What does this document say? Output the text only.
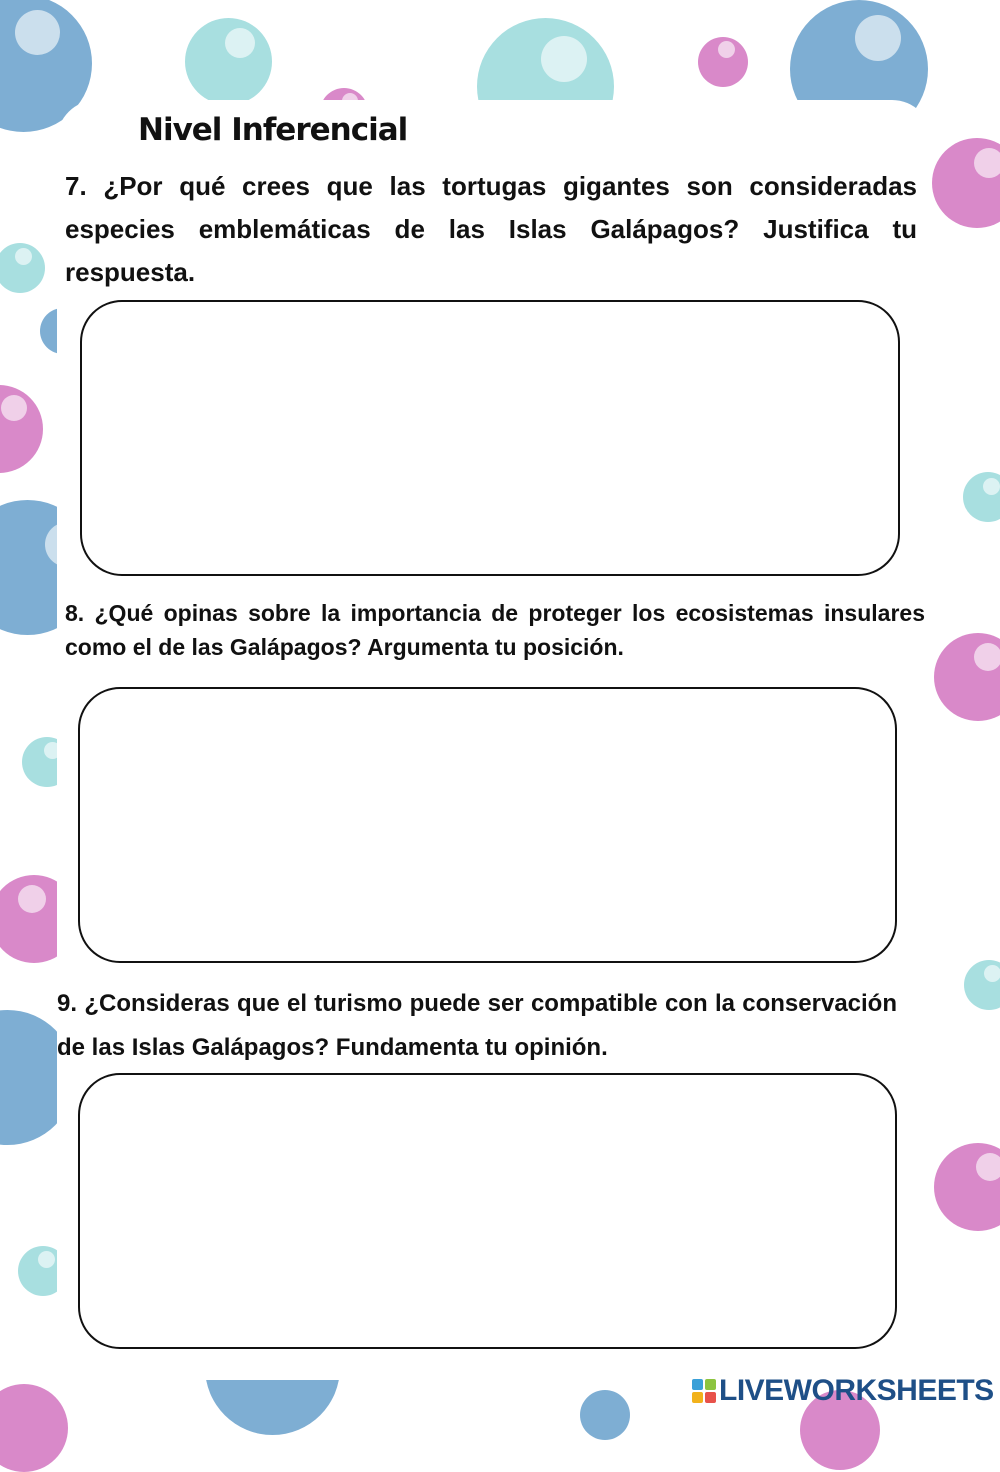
Nivel Inferencial

7. ¿Por qué crees que las tortugas gigantes son consideradas especies emblemáticas de las Islas Galápagos? Justifica tu respuesta.

8. ¿Qué opinas sobre la importancia de proteger los ecosistemas insulares como el de las Galápagos? Argumenta tu posición.

9. ¿Consideras que el turismo puede ser compatible con la conservación de las Islas Galápagos? Fundamenta tu opinión.

LIVEWORKSHEETS
